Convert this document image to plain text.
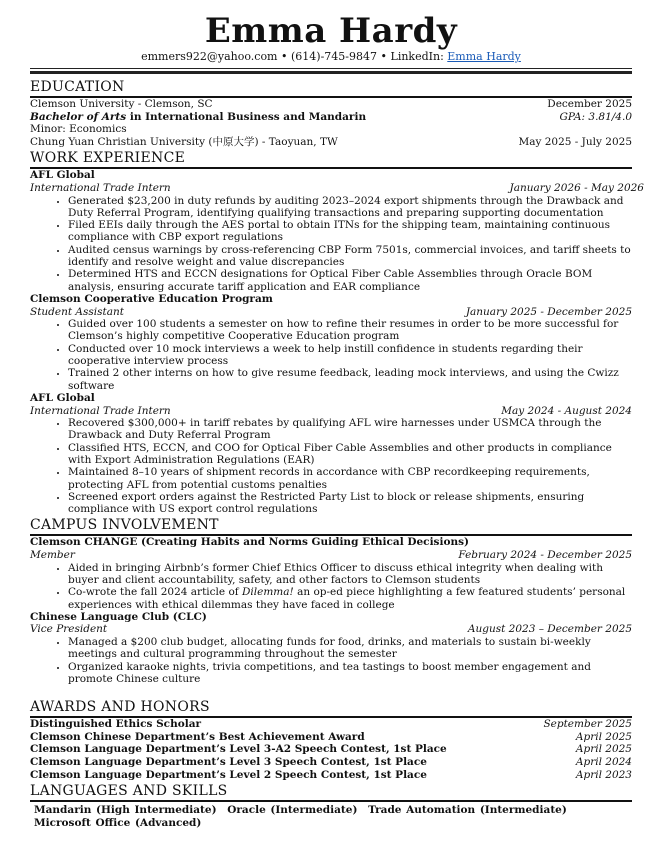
Emma Hardy
emmers922@yahoo.com • (614)-745-9847 • LinkedIn: Emma Hardy
EDUCATION
Clemson University - Clemson, SC	December 2025
Bachelor of Arts in International Business and Mandarin	GPA: 3.81/4.0
Minor: Economics
Chung Yuan Christian University (中原大学) - Taoyuan, TW	May 2025 - July 2025
WORK EXPERIENCE
AFL Global
International Trade Intern	January 2026 - May 2026
• Generated $23,200 in duty refunds by auditing 2023–2024 export shipments through the Drawback and Duty Referral Program, identifying qualifying transactions and preparing supporting documentation
• Filed EEIs daily through the AES portal to obtain ITNs for the shipping team, maintaining continuous compliance with CBP export regulations
• Audited census warnings by cross-referencing CBP Form 7501s, commercial invoices, and tariff sheets to identify and resolve weight and value discrepancies
• Determined HTS and ECCN designations for Optical Fiber Cable Assemblies through Oracle BOM analysis, ensuring accurate tariff application and EAR compliance
Clemson Cooperative Education Program
Student Assistant	January 2025 - December 2025
• Guided over 100 students a semester on how to refine their resumes in order to be more successful for Clemson’s highly competitive Cooperative Education program
• Conducted over 10 mock interviews a week to help instill confidence in students regarding their cooperative interview process
• Trained 2 other interns on how to give resume feedback, leading mock interviews, and using the Cwizz software
AFL Global
International Trade Intern	May 2024 - August 2024
• Recovered $300,000+ in tariff rebates by qualifying AFL wire harnesses under USMCA through the Drawback and Duty Referral Program
• Classified HTS, ECCN, and COO for Optical Fiber Cable Assemblies and other products in compliance with Export Administration Regulations (EAR)
• Maintained 8–10 years of shipment records in accordance with CBP recordkeeping requirements, protecting AFL from potential customs penalties
• Screened export orders against the Restricted Party List to block or release shipments, ensuring compliance with US export control regulations
CAMPUS INVOLVEMENT
Clemson CHANGE (Creating Habits and Norms Guiding Ethical Decisions)
Member	February 2024 - December 2025
• Aided in bringing Airbnb’s former Chief Ethics Officer to discuss ethical integrity when dealing with buyer and client accountability, safety, and other factors to Clemson students
• Co-wrote the fall 2024 article of Dilemma! an op-ed piece highlighting a few featured students’ personal experiences with ethical dilemmas they have faced in college
Chinese Language Club (CLC)
Vice President	August 2023 – December 2025
• Managed a $200 club budget, allocating funds for food, drinks, and materials to sustain bi-weekly meetings and cultural programming throughout the semester
• Organized karaoke nights, trivia competitions, and tea tastings to boost member engagement and promote Chinese culture
AWARDS AND HONORS
Distinguished Ethics Scholar	September 2025
Clemson Chinese Department’s Best Achievement Award	April 2025
Clemson Language Department’s Level 3-A2 Speech Contest, 1st Place	April 2025
Clemson Language Department’s Level 3 Speech Contest, 1st Place	April 2024
Clemson Language Department’s Level 2 Speech Contest, 1st Place	April 2023
LANGUAGES AND SKILLS
Mandarin (High Intermediate) Oracle (Intermediate) Trade Automation (Intermediate) Microsoft Office (Advanced)
